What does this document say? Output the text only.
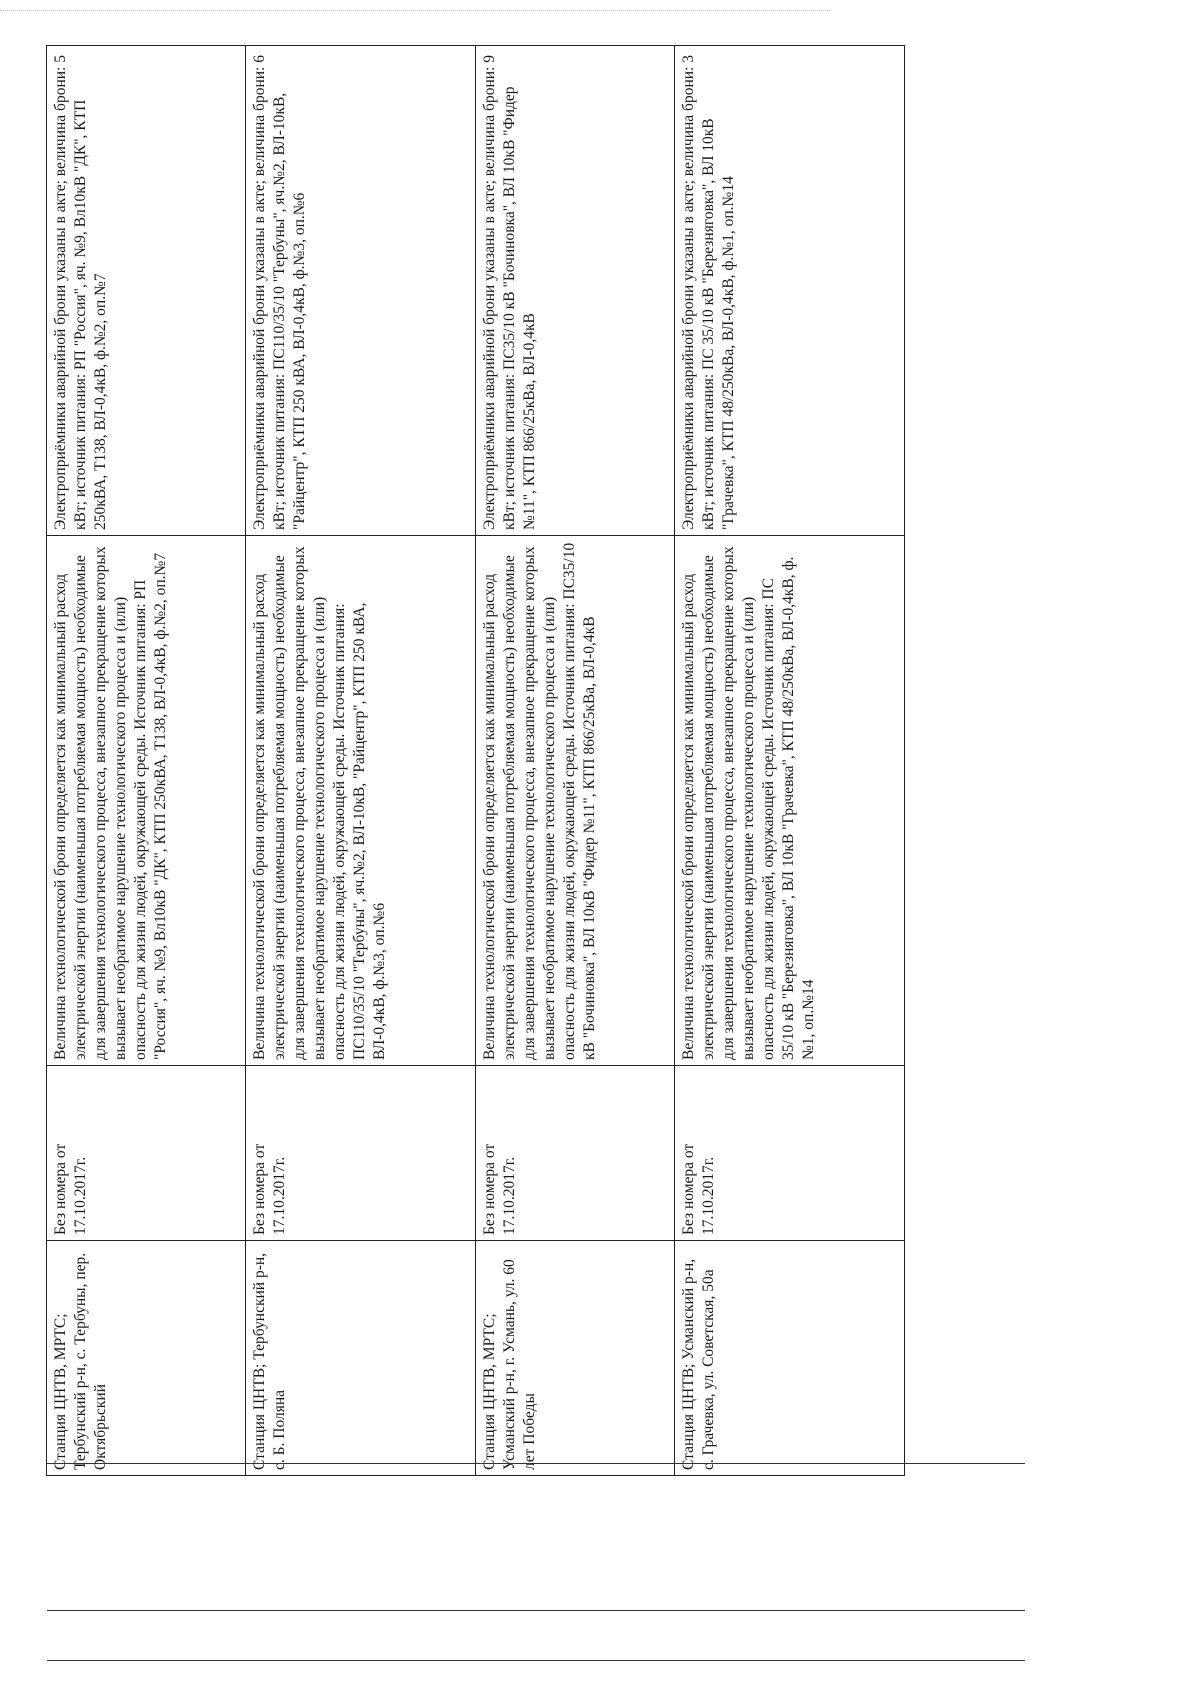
Станция ЦНТВ, МРТС; Тербунский р-н, с. Тербуны, пер. Октябрьский	Без номера от 17.10.2017г.	Величина технологической брони определяется как минимальный расход электрической энергии (наименьшая потребляемая мощность) необходимые для завершения технологического процесса, внезапное прекращение которых вызывает необратимое нарушение технологического процесса и (или) опасность для жизни людей, окружающей среды. Источник питания: РП "Россия", яч. №9, Вл10кВ "ДК", КТП 250кВА, Т138, ВЛ-0,4кВ, ф.№2, оп.№7	Электроприёмники аварийной брони указаны в акте; величина брони: 5 кВт; источник питания: РП "Россия", яч. №9, Вл10кВ "ДК", КТП 250кВА, Т138, ВЛ-0,4кВ, ф.№2, оп.№7
Станция ЦНТВ; Тербунский р-н, с. Б. Поляна	Без номера от 17.10.2017г.	Величина технологической брони определяется как минимальный расход электрической энергии (наименьшая потребляемая мощность) необходимые для завершения технологического процесса, внезапное прекращение которых вызывает необратимое нарушение технологического процесса и (или) опасность для жизни людей, окружающей среды. Источник питания: ПС110/35/10 "Тербуны", яч.№2, ВЛ-10кВ, "Райцентр", КТП 250 кВА, ВЛ-0,4кВ, ф.№3, оп.№6	Электроприёмники аварийной брони указаны в акте; величина брони: 6 кВт; источник питания: ПС110/35/10 "Тербуны", яч.№2, ВЛ-10кВ, "Райцентр", КТП 250 кВА, ВЛ-0,4кВ, ф.№3, оп.№6
Станция ЦНТВ, МРТС; Усманский р-н, г. Усмань, ул. 60 лет Победы	Без номера от 17.10.2017г.	Величина технологической брони определяется как минимальный расход электрической энергии (наименьшая потребляемая мощность) необходимые для завершения технологического процесса, внезапное прекращение которых вызывает необратимое нарушение технологического процесса и (или) опасность для жизни людей, окружающей среды. Источник питания: ПС35/10 кВ "Бочиновка", ВЛ 10кВ "Фидер №11", КТП 866/25кВа, ВЛ-0,4кВ	Электроприёмники аварийной брони указаны в акте; величина брони: 9 кВт; источник питания: ПС35/10 кВ "Бочиновка", ВЛ 10кВ "Фидер №11", КТП 866/25кВа, ВЛ-0,4кВ
Станция ЦНТВ; Усманский р-н, с. Грачевка, ул. Советская, 50а	Без номера от 17.10.2017г.	Величина технологической брони определяется как минимальный расход электрической энергии (наименьшая потребляемая мощность) необходимые для завершения технологического процесса, внезапное прекращение которых вызывает необратимое нарушение технологического процесса и (или) опасность для жизни людей, окружающей среды. Источник питания: ПС 35/10 кВ "Березняговка", ВЛ 10кВ "Грачевка", КТП 48/250кВа, ВЛ-0,4кВ, ф.№1, оп.№14	Электроприёмники аварийной брони указаны в акте; величина брони: 3 кВт; источник питания: ПС 35/10 кВ "Березняговка", ВЛ 10кВ "Грачевка", КТП 48/250кВа, ВЛ-0,4кВ, ф.№1, оп.№14
